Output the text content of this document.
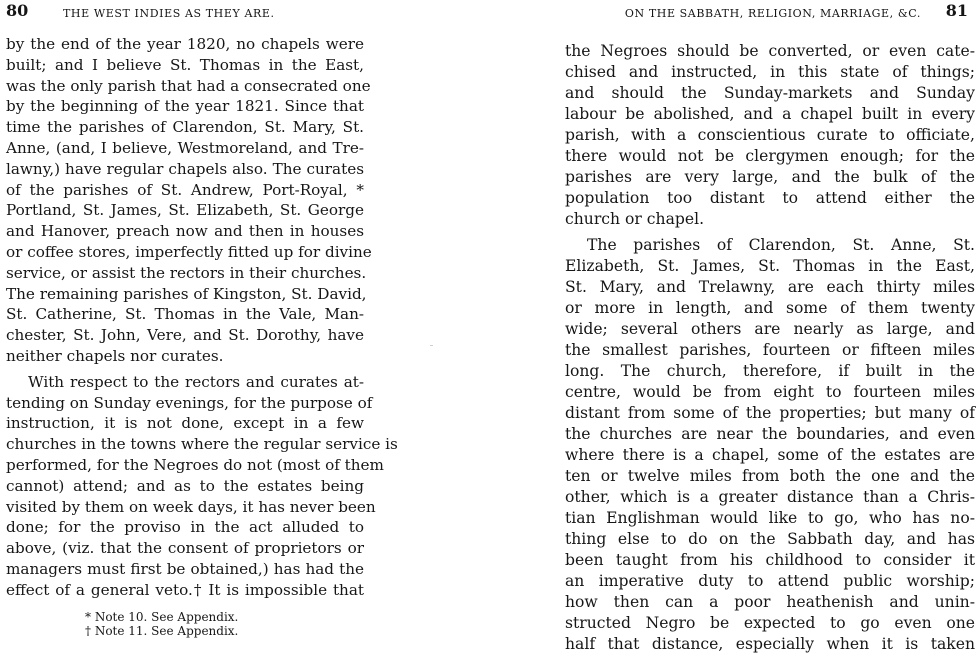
80	THE WEST INDIES AS THEY ARE.
by the end of the year 1820, no chapels were
built; and I believe St. Thomas in the East,
was the only parish that had a consecrated one
by the beginning of the year 1821. Since that
time the parishes of Clarendon, St. Mary, St.
Anne, (and, I believe, Westmoreland, and Tre-
lawny,) have regular chapels also. The curates
of the parishes of St. Andrew, Port-Royal, *
Portland, St. James, St. Elizabeth, St. George
and Hanover, preach now and then in houses
or coffee stores, imperfectly fitted up for divine
service, or assist the rectors in their churches.
The remaining parishes of Kingston, St. David,
St. Catherine, St. Thomas in the Vale, Man-
chester, St. John, Vere, and St. Dorothy, have
neither chapels nor curates.
With respect to the rectors and curates at-
tending on Sunday evenings, for the purpose of
instruction, it is not done, except in a few
churches in the towns where the regular service is
performed, for the Negroes do not (most of them
cannot) attend; and as to the estates being
visited by them on week days, it has never been
done; for the proviso in the act alluded to
above, (viz. that the consent of proprietors or
managers must first be obtained,) has had the
effect of a general veto.† It is impossible that
* Note 10. See Appendix.
† Note 11. See Appendix.
ON THE SABBATH, RELIGION, MARRIAGE, &C. 81
the Negroes should be converted, or even cate-
chised and instructed, in this state of things;
and should the Sunday-markets and Sunday
labour be abolished, and a chapel built in every
parish, with a conscientious curate to officiate,
there would not be clergymen enough; for the
parishes are very large, and the bulk of the
population too distant to attend either the
church or chapel.
The parishes of Clarendon, St. Anne, St.
Elizabeth, St. James, St. Thomas in the East,
St. Mary, and Trelawny, are each thirty miles
or more in length, and some of them twenty
wide; several others are nearly as large, and
the smallest parishes, fourteen or fifteen miles
long. The church, therefore, if built in the
centre, would be from eight to fourteen miles
distant from some of the properties; but many of
the churches are near the boundaries, and even
where there is a chapel, some of the estates are
ten or twelve miles from both the one and the
other, which is a greater distance than a Chris-
tian Englishman would like to go, who has no-
thing else to do on the Sabbath day, and has
been taught from his childhood to consider it
an imperative duty to attend public worship;
how then can a poor heathenish and unin-
structed Negro be expected to go even one
half that distance, especially when it is taken
